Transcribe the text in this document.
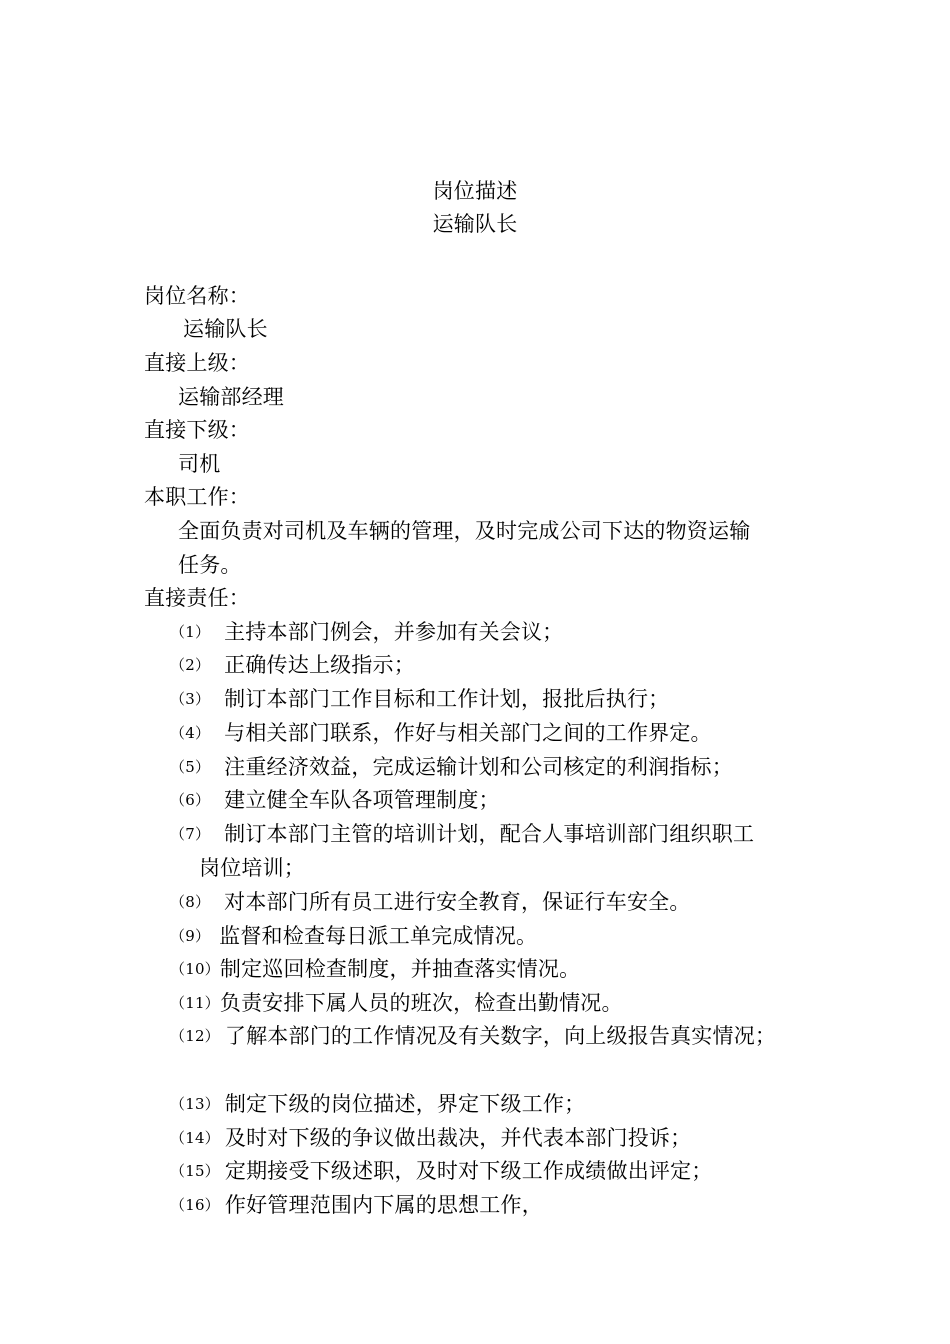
岗位描述
运输队长
岗位名称：
运输队长
直接上级：
运输部经理
直接下级：
司机
本职工作：
全面负责对司机及车辆的管理，及时完成公司下达的物资运输
任务。
直接责任：
（1） 主持本部门例会，并参加有关会议；
（2） 正确传达上级指示；
（3） 制订本部门工作目标和工作计划，报批后执行；
（4） 与相关部门联系，作好与相关部门之间的工作界定。
（5） 注重经济效益，完成运输计划和公司核定的利润指标；
（6） 建立健全车队各项管理制度；
（7） 制订本部门主管的培训计划，配合人事培训部门组织职工
岗位培训；
（8） 对本部门所有员工进行安全教育，保证行车安全。
（9） 监督和检查每日派工单完成情况。
（10）制定巡回检查制度，并抽查落实情况。
（11）负责安排下属人员的班次，检查出勤情况。
（12） 了解本部门的工作情况及有关数字，向上级报告真实情况；
（13） 制定下级的岗位描述，界定下级工作；
（14） 及时对下级的争议做出裁决，并代表本部门投诉；
（15） 定期接受下级述职，及时对下级工作成绩做出评定；
（16） 作好管理范围内下属的思想工作，
